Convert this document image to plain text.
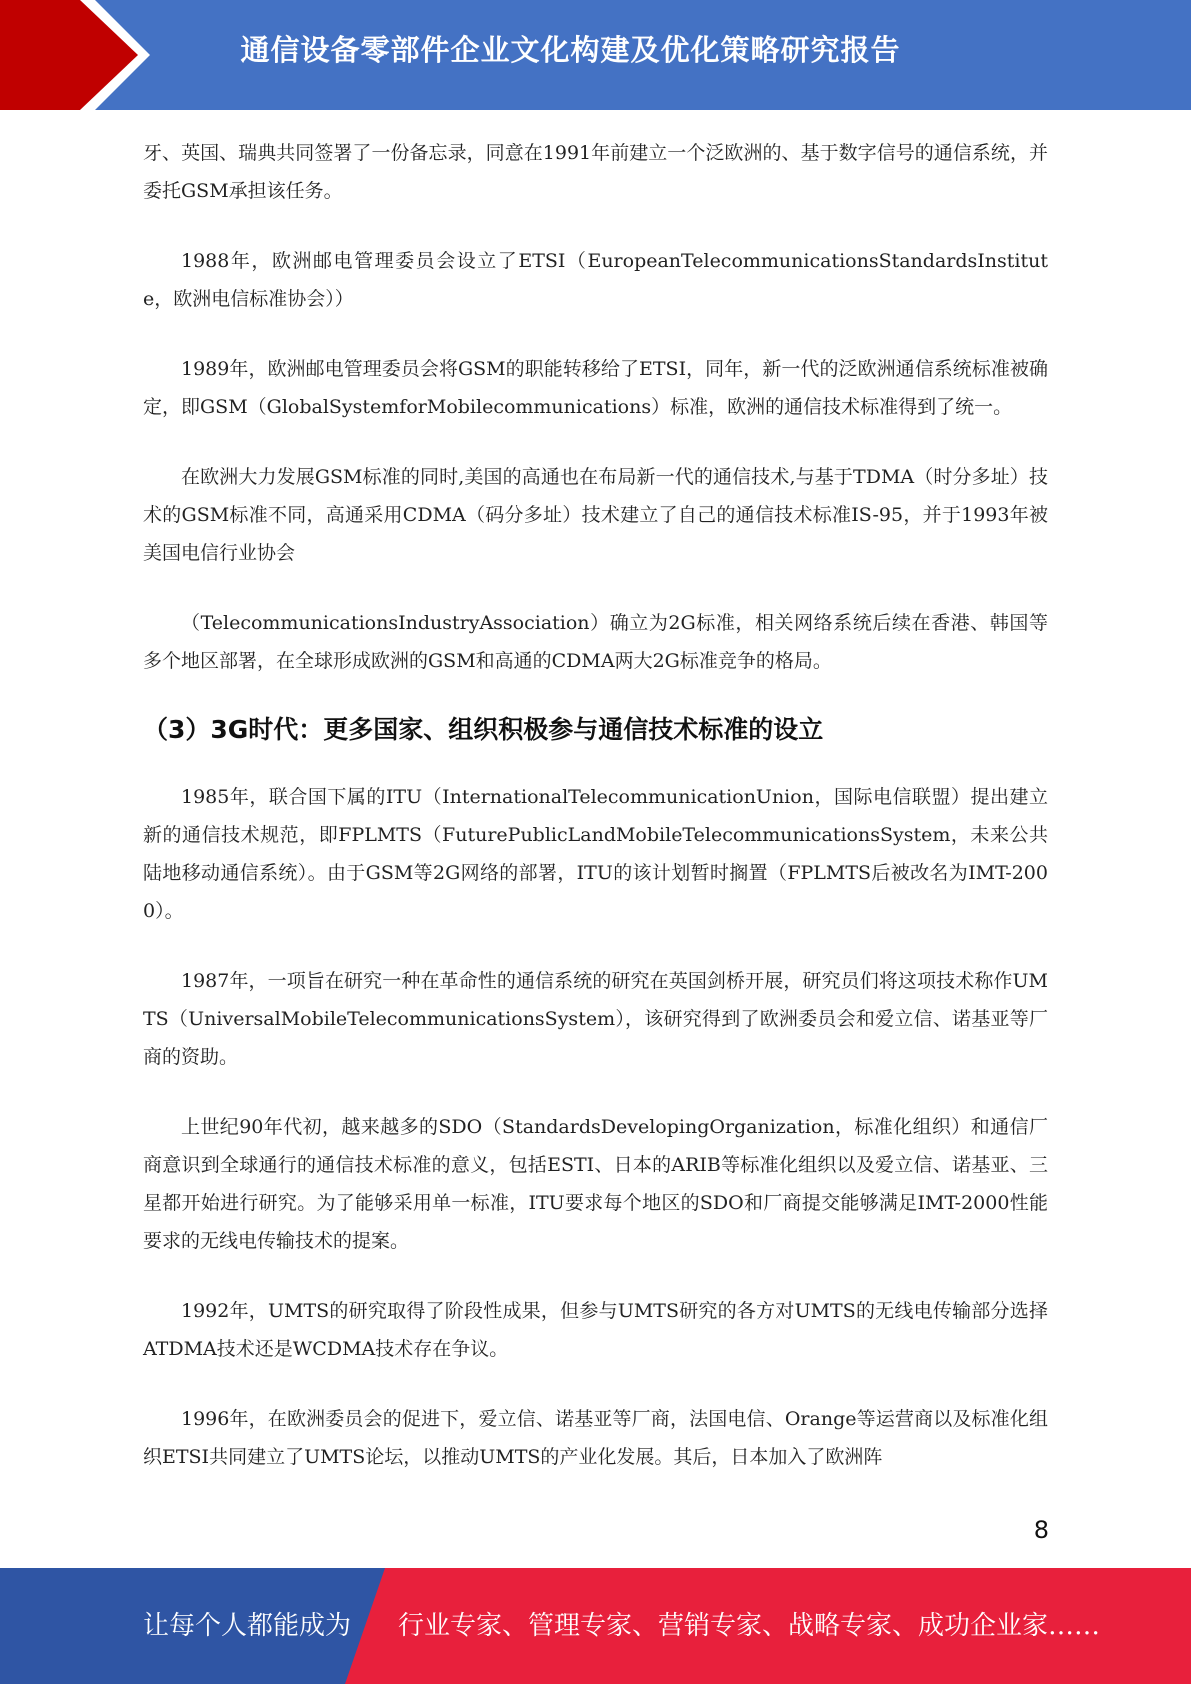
通信设备零部件企业文化构建及优化策略研究报告

牙、英国、瑞典共同签署了一份备忘录，同意在1991年前建立一个泛欧洲的、基于数字信号的通信系统，并委托GSM承担该任务。

1988年，欧洲邮电管理委员会设立了ETSI（EuropeanTelecommunicationsStandardsInstitute，欧洲电信标准协会））

1989年，欧洲邮电管理委员会将GSM的职能转移给了ETSI，同年，新一代的泛欧洲通信系统标准被确定，即GSM（GlobalSystemforMobilecommunications）标准，欧洲的通信技术标准得到了统一。

在欧洲大力发展GSM标准的同时,美国的高通也在布局新一代的通信技术,与基于TDMA（时分多址）技术的GSM标准不同，高通采用CDMA（码分多址）技术建立了自己的通信技术标准IS-95，并于1993年被美国电信行业协会

（TelecommunicationsIndustryAssociation）确立为2G标准，相关网络系统后续在香港、韩国等多个地区部署，在全球形成欧洲的GSM和高通的CDMA两大2G标准竞争的格局。

（3）3G时代：更多国家、组织积极参与通信技术标准的设立

1985年，联合国下属的ITU（InternationalTelecommunicationUnion，国际电信联盟）提出建立新的通信技术规范，即FPLMTS（FuturePublicLandMobileTelecommunicationsSystem，未来公共陆地移动通信系统）。由于GSM等2G网络的部署，ITU的该计划暂时搁置（FPLMTS后被改名为IMT-2000）。

1987年，一项旨在研究一种在革命性的通信系统的研究在英国剑桥开展，研究员们将这项技术称作UMTS（UniversalMobileTelecommunicationsSystem），该研究得到了欧洲委员会和爱立信、诺基亚等厂商的资助。

上世纪90年代初，越来越多的SDO（StandardsDevelopingOrganization，标准化组织）和通信厂商意识到全球通行的通信技术标准的意义，包括ESTI、日本的ARIB等标准化组织以及爱立信、诺基亚、三星都开始进行研究。为了能够采用单一标准，ITU要求每个地区的SDO和厂商提交能够满足IMT-2000性能要求的无线电传输技术的提案。

1992年，UMTS的研究取得了阶段性成果，但参与UMTS研究的各方对UMTS的无线电传输部分选择ATDMA技术还是WCDMA技术存在争议。

1996年，在欧洲委员会的促进下，爱立信、诺基亚等厂商，法国电信、Orange等运营商以及标准化组织ETSI共同建立了UMTS论坛，以推动UMTS的产业化发展。其后，日本加入了欧洲阵

8
让每个人都能成为 行业专家、管理专家、营销专家、战略专家、成功企业家……
